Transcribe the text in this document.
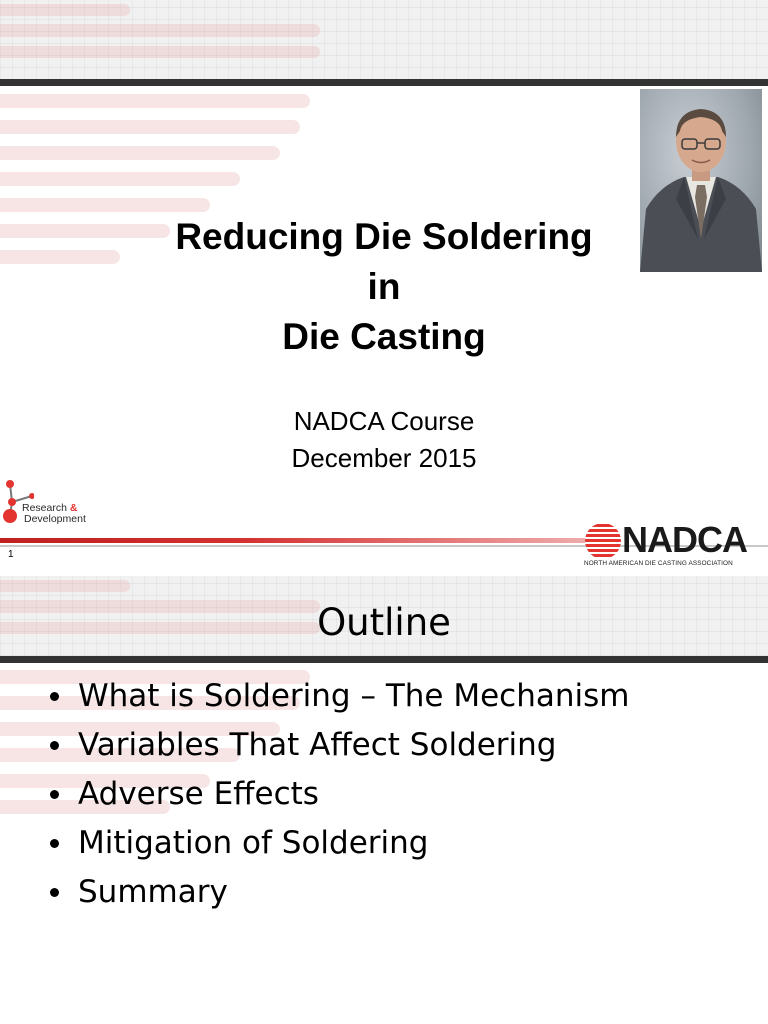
Reducing Die Soldering
in
Die Casting
NADCA Course
December 2015
Research &
Development
1	NADCA
NORTH AMERICAN DIE CASTING ASSOCIATION
Outline
What is Soldering – The Mechanism
Variables That Affect Soldering
Adverse Effects
Mitigation of Soldering
Summary
